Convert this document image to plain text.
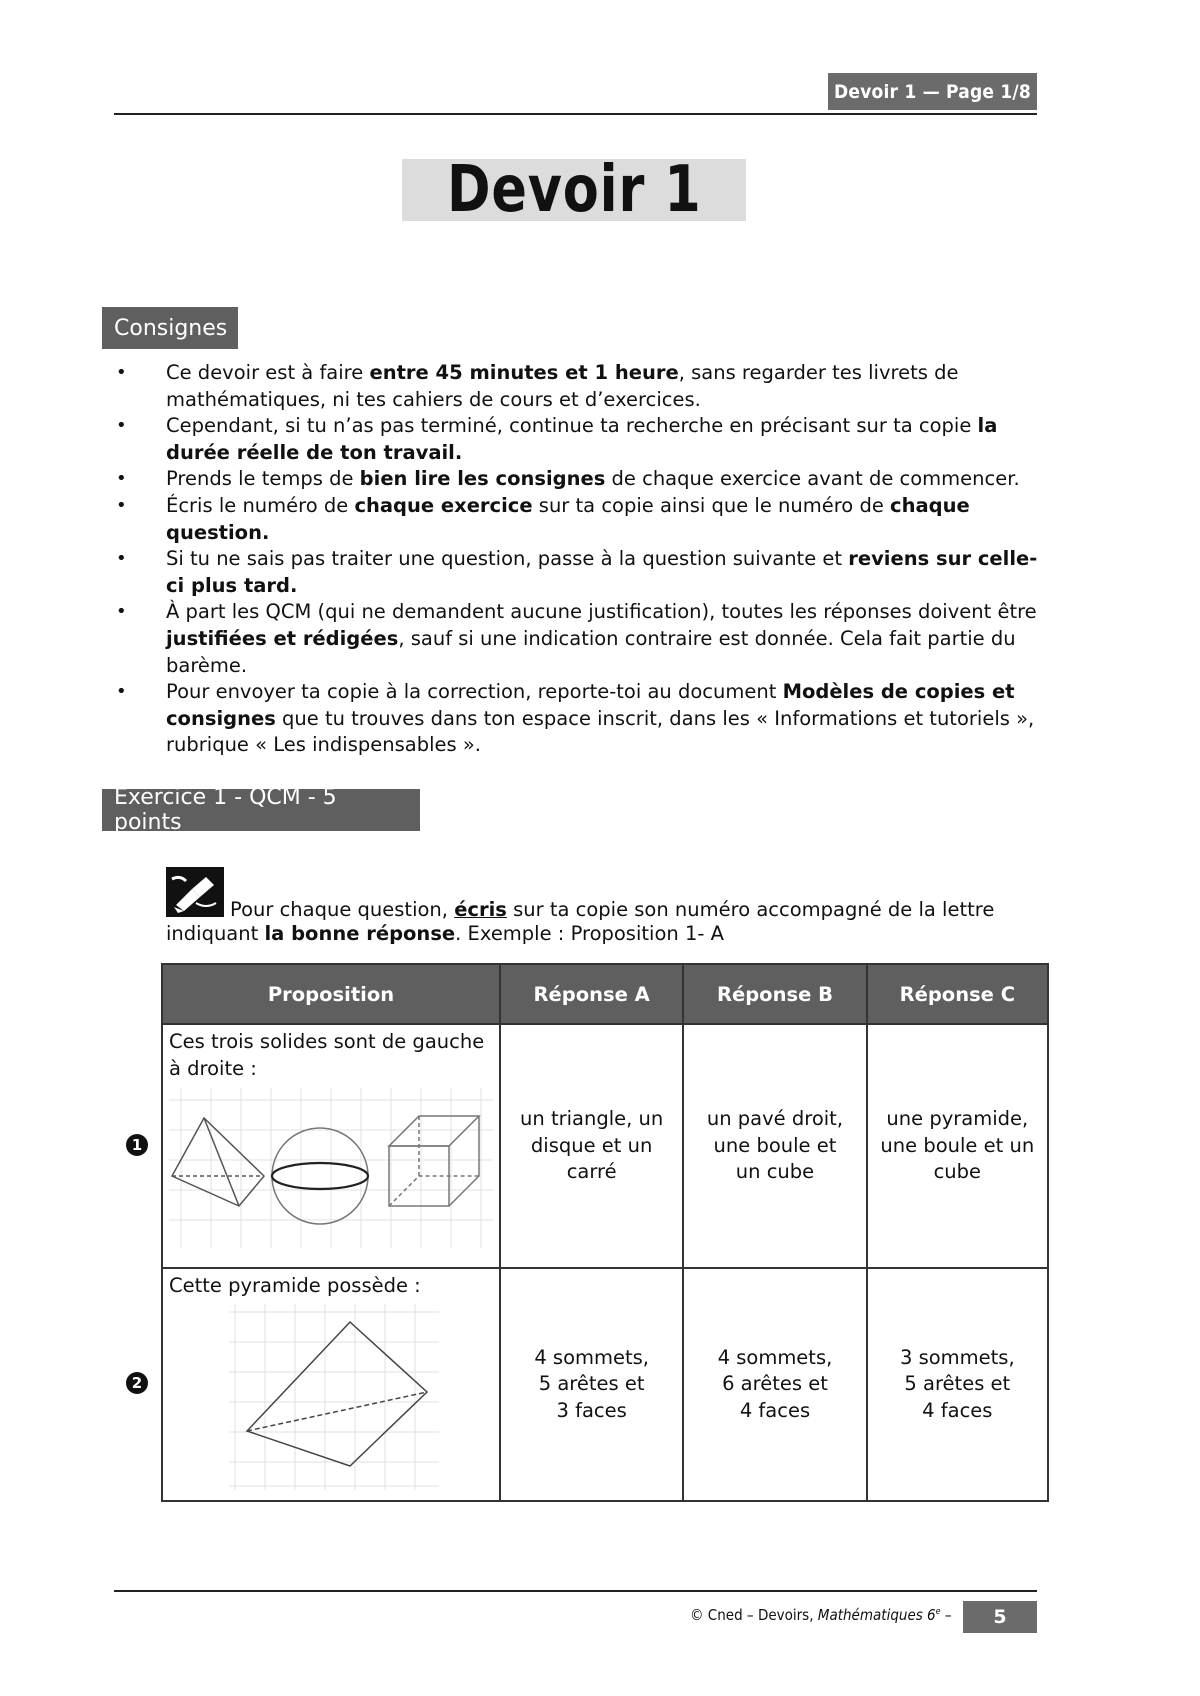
Devoir 1 — Page 1/8
Devoir 1
Consignes
• Ce devoir est à faire entre 45 minutes et 1 heure, sans regarder tes livrets de mathématiques, ni tes cahiers de cours et d’exercices.
• Cependant, si tu n’as pas terminé, continue ta recherche en précisant sur ta copie la durée réelle de ton travail.
• Prends le temps de bien lire les consignes de chaque exercice avant de commencer.
• Écris le numéro de chaque exercice sur ta copie ainsi que le numéro de chaque question.
• Si tu ne sais pas traiter une question, passe à la question suivante et reviens sur celle-ci plus tard.
• À part les QCM (qui ne demandent aucune justification), toutes les réponses doivent être justifiées et rédigées, sauf si une indication contraire est donnée. Cela fait partie du barème.
• Pour envoyer ta copie à la correction, reporte-toi au document Modèles de copies et consignes que tu trouves dans ton espace inscrit, dans les « Informations et tutoriels », rubrique « Les indispensables ».
Exercice 1 - QCM - 5 points
Pour chaque question, écris sur ta copie son numéro accompagné de la lettre
indiquant la bonne réponse. Exemple : Proposition 1- A
1
2
Proposition	Réponse A	Réponse B	Réponse C

Ces trois solides sont de gauche à droite :	un triangle, un disque et un carré	un pavé droit, une boule et un cube	une pyramide, une boule et un cube

Cette pyramide possède :	4 sommets, 5 arêtes et 3 faces	4 sommets, 6 arêtes et 4 faces	3 sommets, 5 arêtes et 4 faces
© Cned – Devoirs, Mathématiques 6e –	5
